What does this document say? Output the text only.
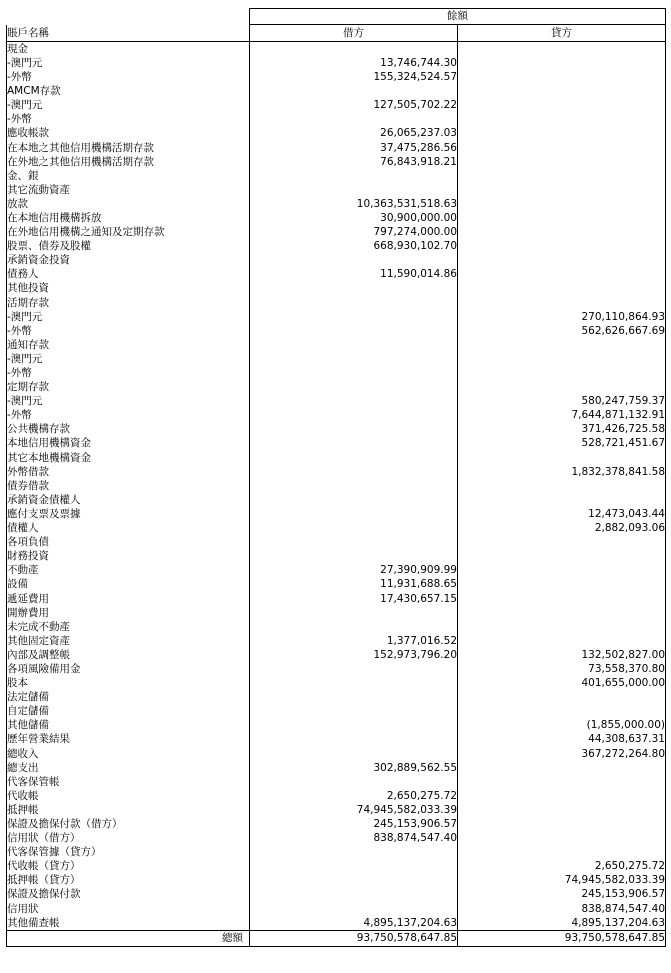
	餘額	
賬戶名稱	借方	貸方
現金		
-澳門元	13,746,744.30	
-外幣	155,324,524.57	
AMCM存款		
-澳門元	127,505,702.22	
-外幣		
應收帳款	26,065,237.03	
在本地之其他信用機構活期存款	37,475,286.56	
在外地之其他信用機構活期存款	76,843,918.21	
金、銀		
其它流動資產		
放款	10,363,531,518.63	
在本地信用機構拆放	30,900,000.00	
在外地信用機構之通知及定期存款	797,274,000.00	
股票、債券及股權	668,930,102.70	
承銷資金投資		
債務人	11,590,014.86	
其他投資		
活期存款		
-澳門元		270,110,864.93
-外幣		562,626,667.69
通知存款		
-澳門元		
-外幣		
定期存款		
-澳門元		580,247,759.37
-外幣		7,644,871,132.91
公共機構存款		371,426,725.58
本地信用機構資金		528,721,451.67
其它本地機構資金		
外幣借款		1,832,378,841.58
債券借款		
承銷資金債權人		
應付支票及票據		12,473,043.44
債權人		2,882,093.06
各項負債		
財務投資		
不動產	27,390,909.99	
設備	11,931,688.65	
遞延費用	17,430,657.15	
開辦費用		
未完成不動產		
其他固定資產	1,377,016.52	
內部及調整帳	152,973,796.20	132,502,827.00
各項風險備用金		73,558,370.80
股本		401,655,000.00
法定儲備		
自定儲備		
其他儲備		(1,855,000.00)
歷年營業結果		44,308,637.31
總收入		367,272,264.80
總支出	302,889,562.55	
代客保管帳		
代收帳	2,650,275.72	
抵押帳	74,945,582,033.39	
保證及擔保付款（借方）	245,153,906.57	
信用狀（借方）	838,874,547.40	
代客保管據（貸方）		
代收帳（貸方）		2,650,275.72
抵押帳（貸方）		74,945,582,033.39
保證及擔保付款		245,153,906.57
信用狀		838,874,547.40
其他備查帳	4,895,137,204.63	4,895,137,204.63
總額	93,750,578,647.85	93,750,578,647.85
